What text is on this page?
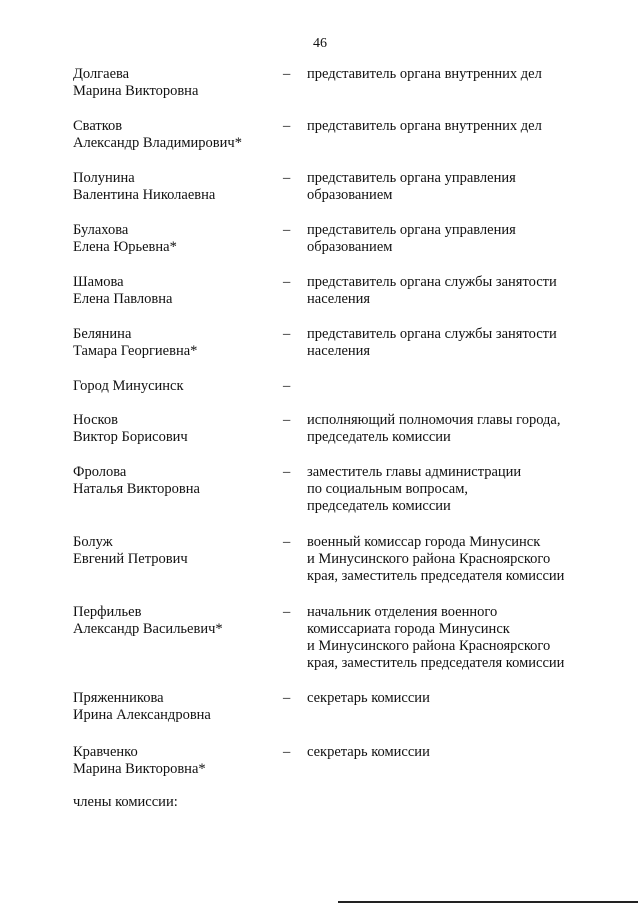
46
Долгаева
Марина Викторовна
– представитель органа внутренних дел
Сватков
Александр Владимирович*
– представитель органа внутренних дел
Полунина
Валентина Николаевна
– представитель органа управления
образованием
Булахова
Елена Юрьевна*
– представитель органа управления
образованием
Шамова
Елена Павловна
– представитель органа службы занятости
населения
Белянина
Тамара Георгиевна*
– представитель органа службы занятости
населения
Город Минусинск	–
Носков
Виктор Борисович
– исполняющий полномочия главы города,
председатель комиссии
Фролова
Наталья Викторовна
– заместитель главы администрации
по социальным вопросам,
председатель комиссии
Болуж
Евгений Петрович
– военный комиссар города Минусинск
и Минусинского района Красноярского
края, заместитель председателя комиссии
Перфильев
Александр Васильевич*
– начальник отделения военного
комиссариата города Минусинск
и Минусинского района Красноярского
края, заместитель председателя комиссии
Пряженникова
Ирина Александровна
– секретарь комиссии
Кравченко
Марина Викторовна*
– секретарь комиссии
члены комиссии:
